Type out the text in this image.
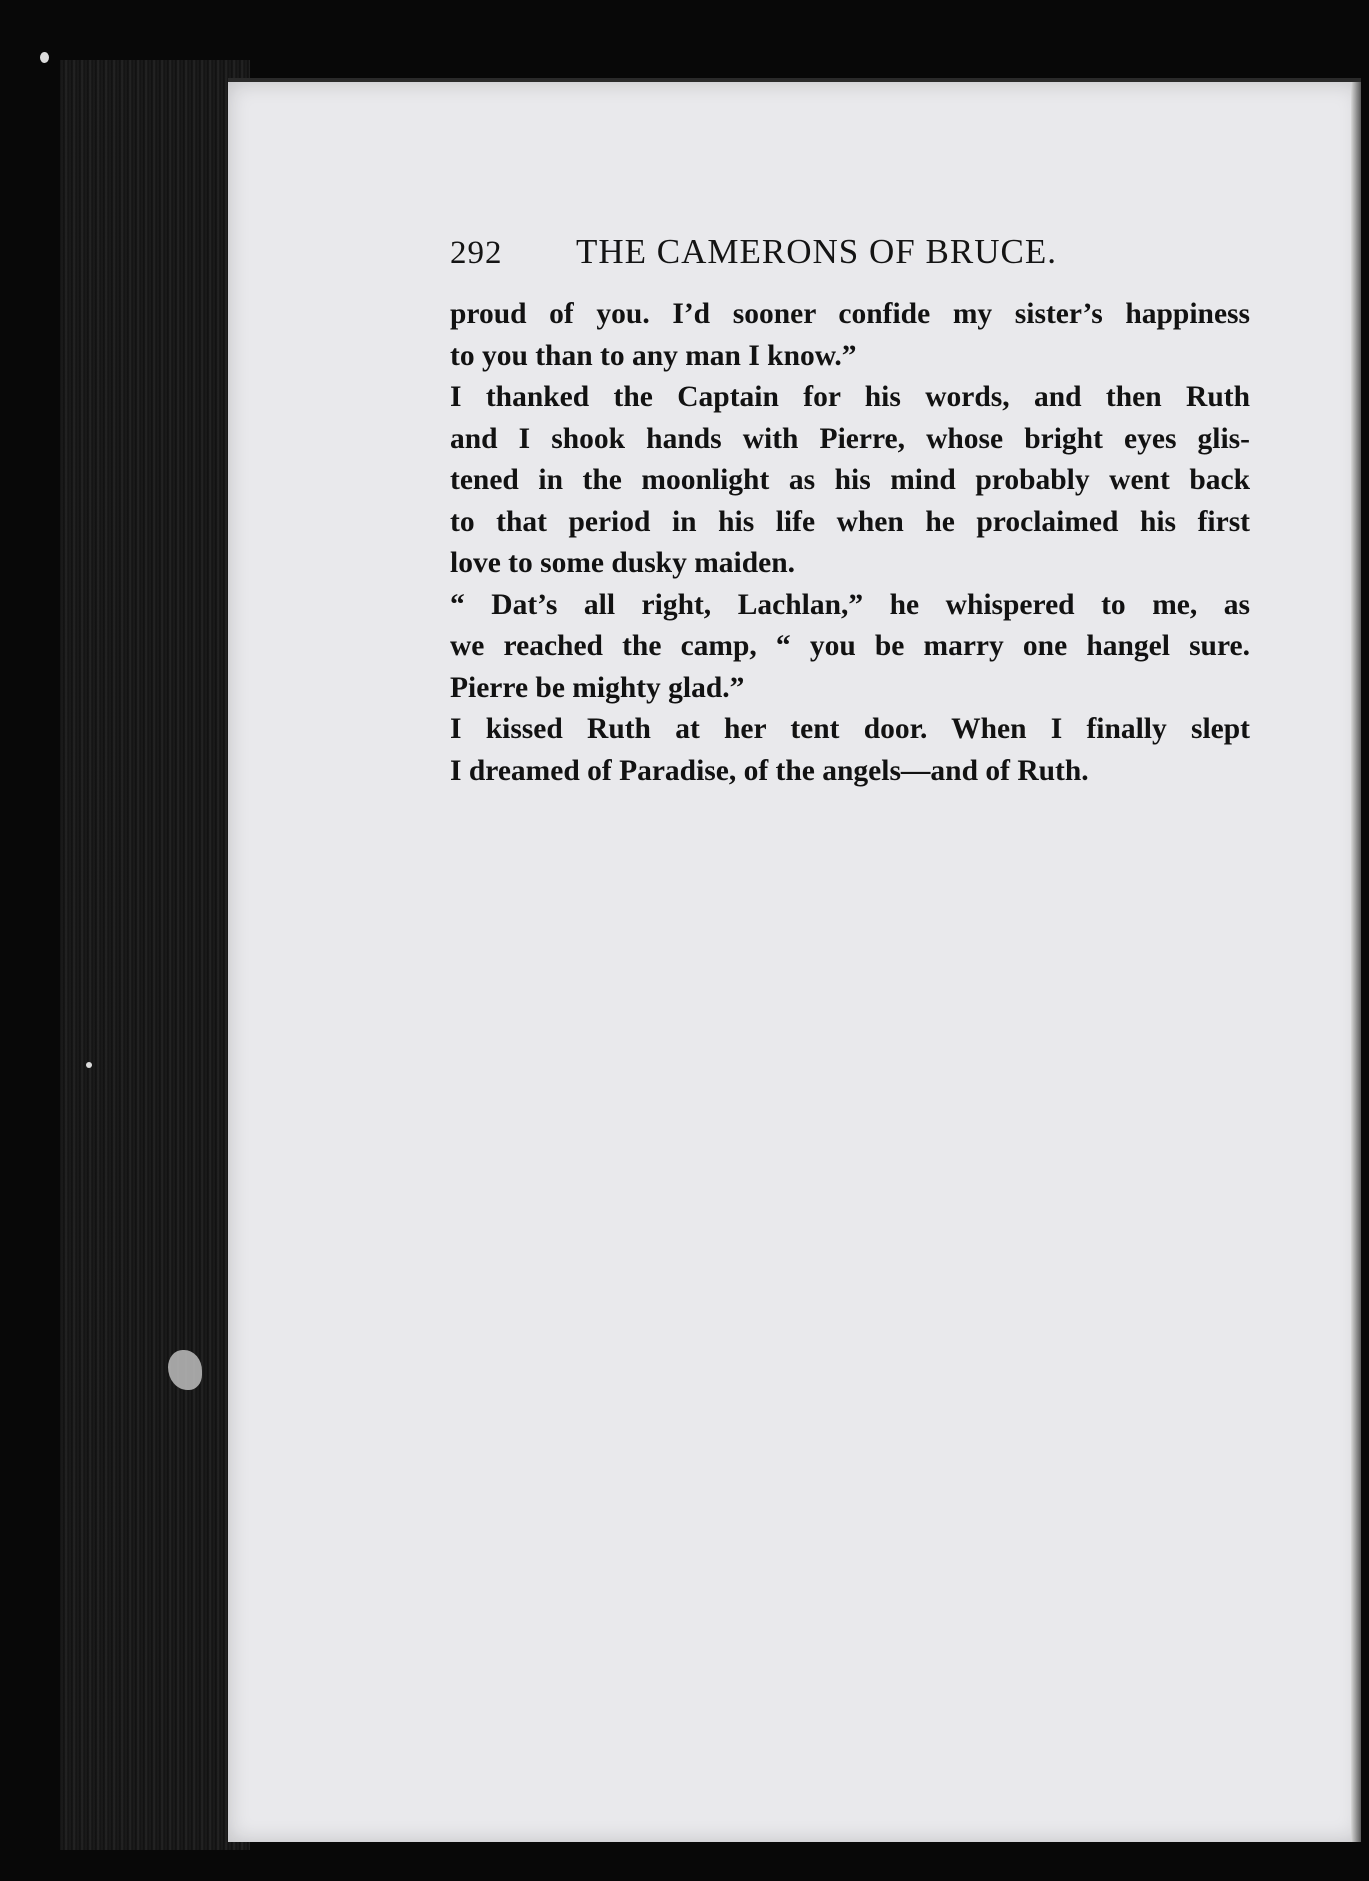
292 THE CAMERONS OF BRUCE.
proud of you. I’d sooner confide my sister’s happiness
to you than to any man I know.”
I thanked the Captain for his words, and then Ruth
and I shook hands with Pierre, whose bright eyes glis-
tened in the moonlight as his mind probably went back
to that period in his life when he proclaimed his first
love to some dusky maiden.
“ Dat’s all right, Lachlan,” he whispered to me, as
we reached the camp, “ you be marry one hangel sure.
Pierre be mighty glad.”
I kissed Ruth at her tent door. When I finally slept
I dreamed of Paradise, of the angels—and of Ruth.
